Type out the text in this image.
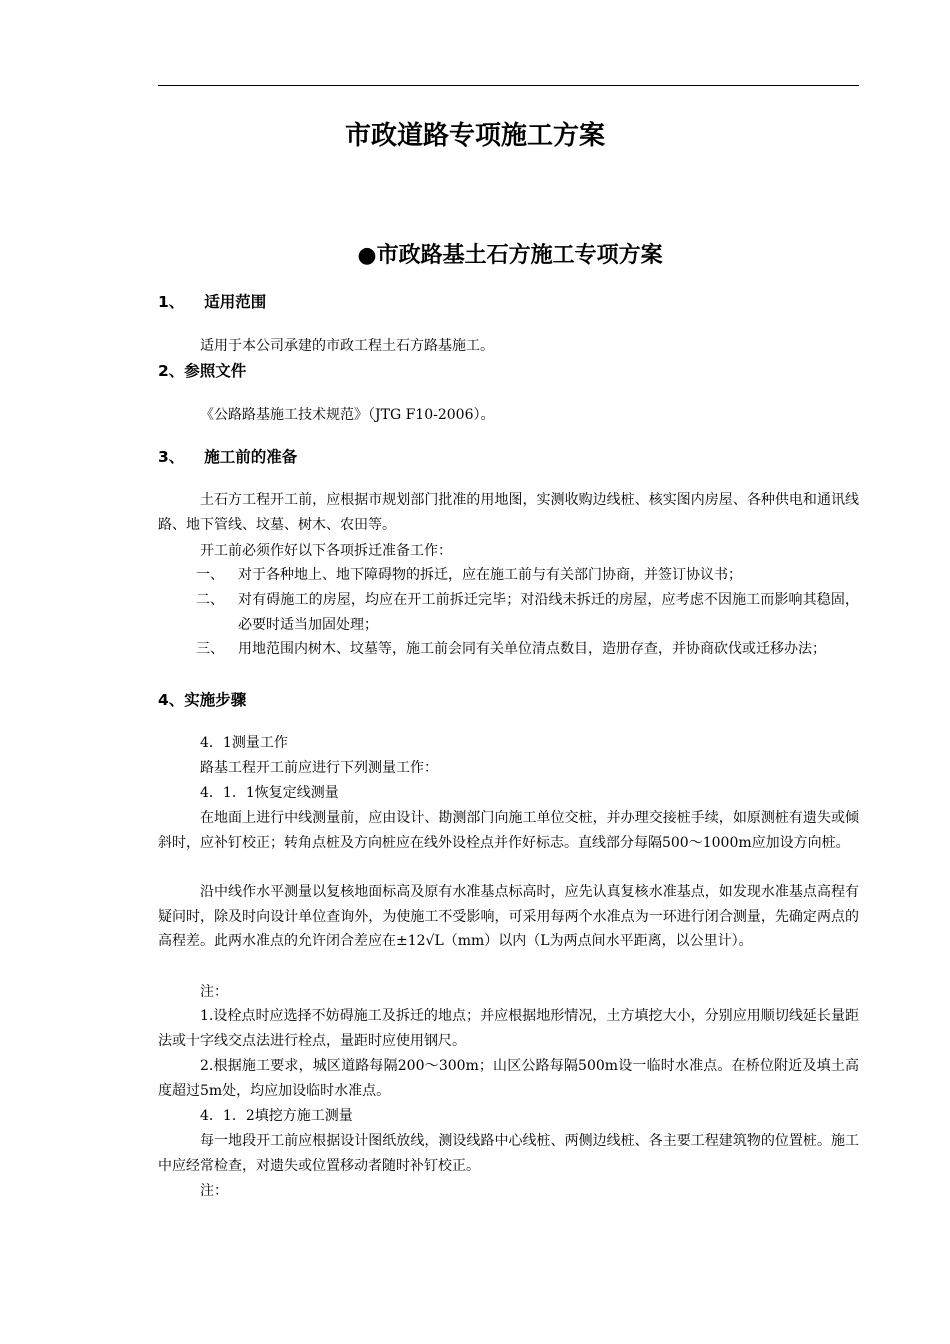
市政道路专项施工方案
●市政路基土石方施工专项方案
1、 适用范围
适用于本公司承建的市政工程土石方路基施工。
2、参照文件
《公路路基施工技术规范》（JTG F10-2006）。
3、 施工前的准备
土石方工程开工前，应根据市规划部门批准的用地图，实测收购边线桩、核实图内房屋、各种供电和通讯线路、地下管线、坟墓、树木、农田等。
开工前必须作好以下各项拆迁准备工作：
一、 对于各种地上、地下障碍物的拆迁，应在施工前与有关部门协商，并签订协议书；
二、 对有碍施工的房屋，均应在开工前拆迁完毕；对沿线未拆迁的房屋，应考虑不因施工而影响其稳固，必要时适当加固处理；
三、 用地范围内树木、坟墓等，施工前会同有关单位清点数目，造册存查，并协商砍伐或迁移办法；
4、实施步骤
4．1测量工作
路基工程开工前应进行下列测量工作：
4．1．1恢复定线测量
在地面上进行中线测量前，应由设计、勘测部门向施工单位交桩，并办理交接桩手续，如原测桩有遗失或倾斜时，应补钉校正；转角点桩及方向桩应在线外设栓点并作好标志。直线部分每隔500～1000m应加设方向桩。
沿中线作水平测量以复核地面标高及原有水准基点标高时，应先认真复核水准基点，如发现水准基点高程有疑问时，除及时向设计单位查询外，为使施工不受影响，可采用每两个水准点为一环进行闭合测量，先确定两点的高程差。此两水准点的允许闭合差应在±12√L（mm）以内（L为两点间水平距离，以公里计）。
注：
1.设栓点时应选择不妨碍施工及拆迁的地点；并应根据地形情况，土方填挖大小，分别应用顺切线延长量距法或十字线交点法进行栓点，量距时应使用钢尺。
2.根据施工要求，城区道路每隔200～300m；山区公路每隔500m设一临时水准点。在桥位附近及填土高度超过5m处，均应加设临时水准点。
4．1．2填挖方施工测量
每一地段开工前应根据设计图纸放线，测设线路中心线桩、两侧边线桩、各主要工程建筑物的位置桩。施工中应经常检查，对遗失或位置移动者随时补钉校正。
注：
